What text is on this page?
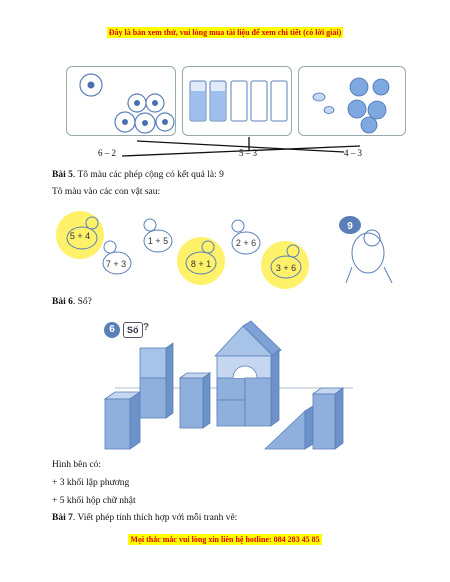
Đây là bản xem thử, vui lòng mua tài liệu để xem chi tiết (có lời giải)
6 – 2	5 – 3	4 – 3
Bài 5. Tô màu các phép cộng có kết quả là: 9
Tô màu vào các con vật sau:
5 + 4
7 + 3
1 + 5
8 + 1
2 + 6
3 + 6
9
Bài 6. Số?
6	Số ?
Hình bên có:
+ 3 khối lập phương
+ 5 khối hộp chữ nhật
Bài 7. Viết phép tính thích hợp với mỗi tranh vẽ:
Mọi thắc mắc vui lòng xin liên hệ hotline: 084 283 45 85
